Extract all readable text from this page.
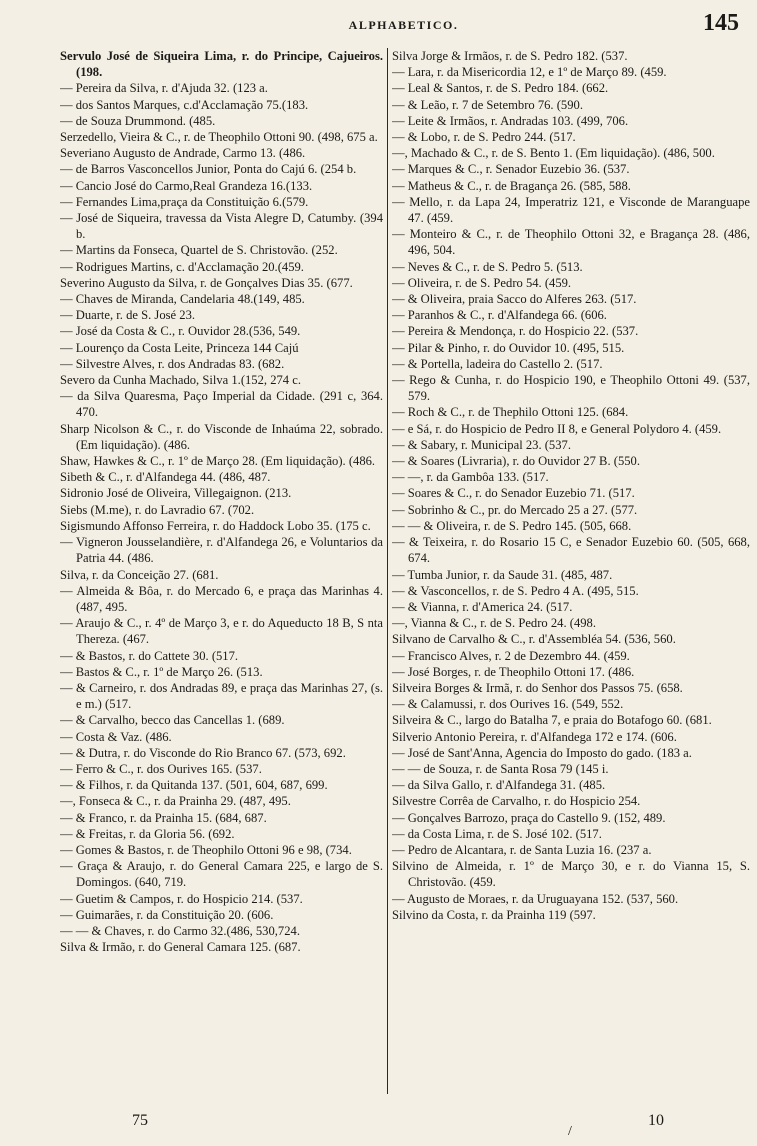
ALPHABETICO.	145
Servulo José de Siqueira Lima, r. do Principe, Cajueiros. (198.
— Pereira da Silva, r. d'Ajuda 32. (123 a.
— dos Santos Marques, c.d'Acclamação 75.(183.
— de Souza Drummond. (485.
Serzedello, Vieira & C., r. de Theophilo Ottoni 90. (498, 675 a.
Severiano Augusto de Andrade, Carmo 13. (486.
— de Barros Vasconcellos Junior, Ponta do Cajú 6. (254 b.
— Cancio José do Carmo,Real Grandeza 16.(133.
— Fernandes Lima,praça da Constituição 6.(579.
— José de Siqueira, travessa da Vista Alegre D, Catumby. (394 b.
— Martins da Fonseca, Quartel de S. Christovão. (252.
— Rodrigues Martins, c. d'Acclamação 20.(459.
Severino Augusto da Silva, r. de Gonçalves Dias 35. (677.
— Chaves de Miranda, Candelaria 48.(149, 485.
— Duarte, r. de S. José 23.
— José da Costa & C., r. Ouvidor 28.(536, 549.
— Lourenço da Costa Leite, Princeza 144 Cajú
— Silvestre Alves, r. dos Andradas 83. (682.
Severo da Cunha Machado, Silva 1.(152, 274 c.
— da Silva Quaresma, Paço Imperial da Cidade. (291 c, 364. 470.
Sharp Nicolson & C., r. do Visconde de Inhaúma 22, sobrado. (Em liquidação). (486.
Shaw, Hawkes & C., r. 1º de Março 28. (Em liquidação). (486.
Sibeth & C., r. d'Alfandega 44. (486, 487.
Sidronio José de Oliveira, Villegaignon. (213.
Siebs (M.me), r. do Lavradio 67. (702.
Sigismundo Affonso Ferreira, r. do Haddock Lobo 35. (175 c.
— Vigneron Jousselandière, r. d'Alfandega 26, e Voluntarios da Patria 44. (486.
Silva, r. da Conceição 27. (681.
— Almeida & Bôa, r. do Mercado 6, e praça das Marinhas 4. (487, 495.
— Araujo & C., r. 4º de Março 3, e r. do Aqueducto 18 B, S nta Thereza. (467.
— & Bastos, r. do Cattete 30. (517.
— Bastos & C., r. 1º de Março 26. (513.
— & Carneiro, r. dos Andradas 89, e praça das Marinhas 27, (s. e m.) (517.
— & Carvalho, becco das Cancellas 1. (689.
— Costa & Vaz. (486.
— & Dutra, r. do Visconde do Rio Branco 67. (573, 692.
— Ferro & C., r. dos Ourives 165. (537.
— & Filhos, r. da Quitanda 137. (501, 604, 687, 699.
—, Fonseca & C., r. da Prainha 29. (487, 495.
— & Franco, r. da Prainha 15. (684, 687.
— & Freitas, r. da Gloria 56. (692.
— Gomes & Bastos, r. de Theophilo Ottoni 96 e 98, (734.
— Graça & Araujo, r. do General Camara 225, e largo de S. Domingos. (640, 719.
— Guetim & Campos, r. do Hospicio 214. (537.
— Guimarães, r. da Constituição 20. (606.
— — & Chaves, r. do Carmo 32.(486, 530,724.
Silva & Irmão, r. do General Camara 125. (687.
Silva Jorge & Irmãos, r. de S. Pedro 182. (537.
— Lara, r. da Misericordia 12, e 1º de Março 89. (459.
— Leal & Santos, r. de S. Pedro 184. (662.
— & Leão, r. 7 de Setembro 76. (590.
— Leite & Irmãos, r. Andradas 103. (499, 706.
— & Lobo, r. de S. Pedro 244. (517.
—, Machado & C., r. de S. Bento 1. (Em liquidação). (486, 500.
— Marques & C., r. Senador Euzebio 36. (537.
— Matheus & C., r. de Bragança 26. (585, 588.
— Mello, r. da Lapa 24, Imperatriz 121, e Visconde de Maranguape 47. (459.
— Monteiro & C., r. de Theophilo Ottoni 32, e Bragança 28. (486, 496, 504.
— Neves & C., r. de S. Pedro 5. (513.
— Oliveira, r. de S. Pedro 54. (459.
— & Oliveira, praia Sacco do Alferes 263. (517.
— Paranhos & C., r. d'Alfandega 66. (606.
— Pereira & Mendonça, r. do Hospicio 22. (537.
— Pilar & Pinho, r. do Ouvidor 10. (495, 515.
— & Portella, ladeira do Castello 2. (517.
— Rego & Cunha, r. do Hospicio 190, e Theophilo Ottoni 49. (537, 579.
— Roch & C., r. de Thephilo Ottoni 125. (684.
— e Sá, r. do Hospicio de Pedro II 8, e General Polydoro 4. (459.
— & Sabary, r. Municipal 23. (537.
— & Soares (Livraria), r. do Ouvidor 27 B. (550.
— —, r. da Gambôa 133. (517.
— Soares & C., r. do Senador Euzebio 71. (517.
— Sobrinho & C., pr. do Mercado 25 a 27. (577.
— — & Oliveira, r. de S. Pedro 145. (505, 668.
— & Teixeira, r. do Rosario 15 C, e Senador Euzebio 60. (505, 668, 674.
— Tumba Junior, r. da Saude 31. (485, 487.
— & Vasconcellos, r. de S. Pedro 4 A. (495, 515.
— & Vianna, r. d'America 24. (517.
—, Vianna & C., r. de S. Pedro 24. (498.
Silvano de Carvalho & C., r. d'Assembléa 54. (536, 560.
— Francisco Alves, r. 2 de Dezembro 44. (459.
— José Borges, r. de Theophilo Ottoni 17. (486.
Silveira Borges & Irmã, r. do Senhor dos Passos 75. (658.
— & Calamussi, r. dos Ourives 16. (549, 552.
Silveira & C., largo do Batalha 7, e praia do Botafogo 60. (681.
Silverio Antonio Pereira, r. d'Alfandega 172 e 174. (606.
— José de Sant'Anna, Agencia do Imposto do gado. (183 a.
— — de Souza, r. de Santa Rosa 79 (145 i.
— da Silva Gallo, r. d'Alfandega 31. (485.
Silvestre Corrêa de Carvalho, r. do Hospicio 254.
— Gonçalves Barrozo, praça do Castello 9. (152, 489.
— da Costa Lima, r. de S. José 102. (517.
— Pedro de Alcantara, r. de Santa Luzia 16. (237 a.
Silvino de Almeida, r. 1º de Março 30, e r. do Vianna 15, S. Christovão. (459.
— Augusto de Moraes, r. da Uruguayana 152. (537, 560.
Silvino da Costa, r. da Prainha 119 (597.
75
/
10
